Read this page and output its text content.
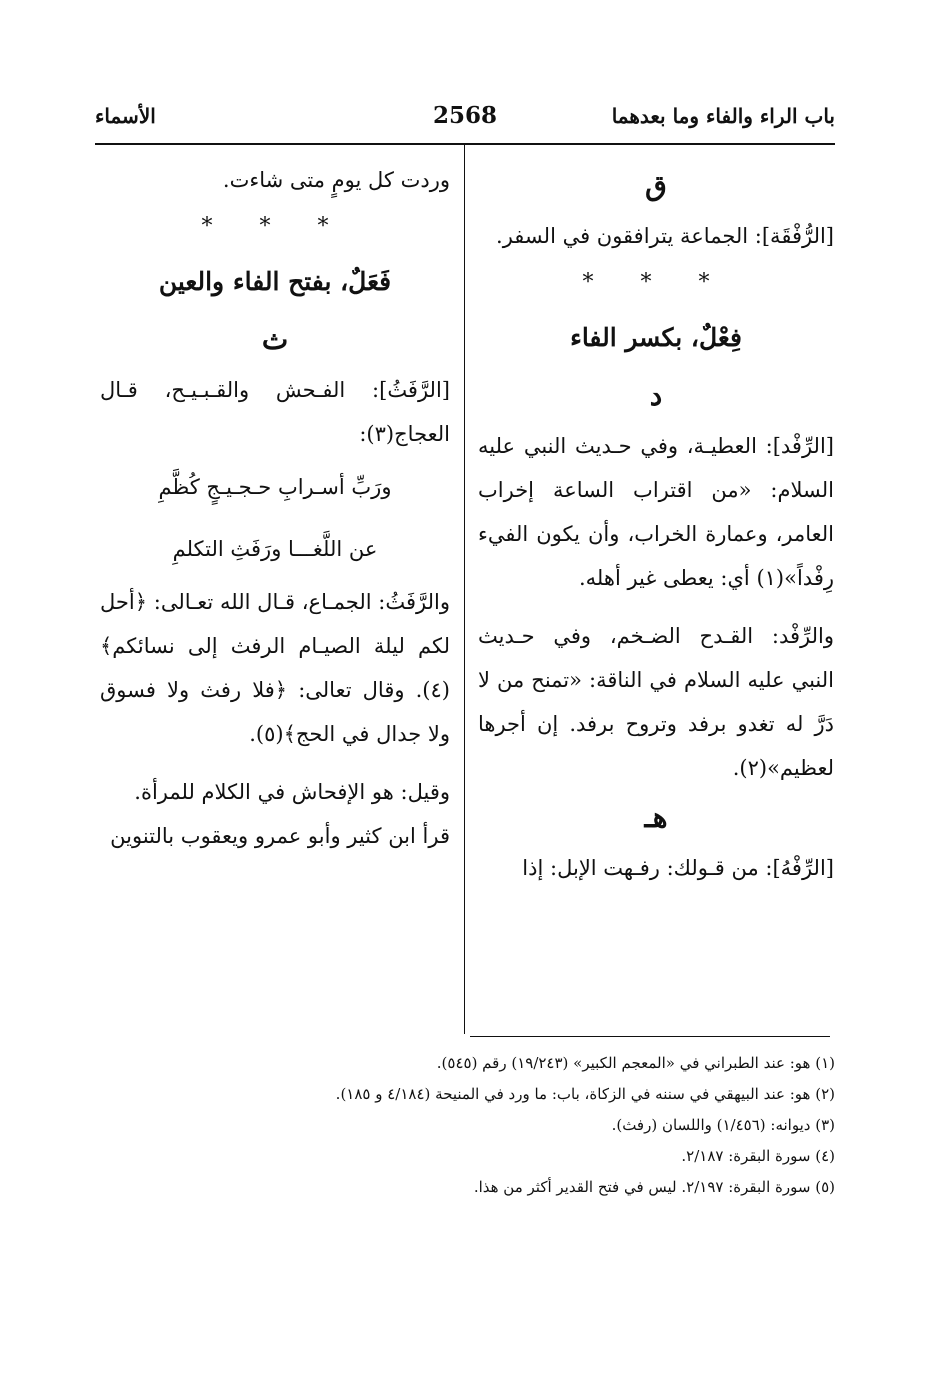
باب الراء والفاء وما بعدهما
2568
الأسماء

ق

[الرُّفْقَة]: الجماعة يترافقون في السفر.

* * *

فِعْلٌ، بكسر الفاء

د

[الرِّفْد]: العطيـة، وفي حـديث النبي عليه السلام: «من اقتراب الساعة إخراب العامر، وعمارة الخراب، وأن يكون الفيء رِفْداً»(١) أي: يعطى غير أهله.

والرِّفْد: القـدح الضـخم، وفي حـديث النبي عليه السلام في الناقة: «تمنح من لا دَرَّ له تغدو برفد وتروح برفد. إن أجرها لعظيم»(٢).

هـ

[الرِّفْهُ]: من قـولك: رفـهت الإبل: إذا

وردت كل يومٍ متى شاءت.

* * *

فَعَلٌ، بفتح الفاء والعين

ث

[الرَّفَثُ]: الفـحش والقـبـيـح، قـال العجاج(٣):

ورَبِّ أسـرابِ حـجـيـجٍ كُظَّمِ

عن اللَّغـــا ورَفَثِ التكلمِ

والرَّفَثُ: الجمـاع، قـال الله تعـالى: ﴿أحل لكم ليلة الصيـام الرفث إلى نسائكم﴾(٤). وقال تعالى: ﴿فلا رفث ولا فسوق ولا جدال في الحج﴾(٥).

وقيل: هو الإفحاش في الكلام للمرأة.

قرأ ابن كثير وأبو عمرو ويعقوب بالتنوين

(١) هو: عند الطبراني في «المعجم الكبير» (١٩/٢٤٣) رقم (٥٤٥).

(٢) هو: عند البيهقي في سننه في الزكاة، باب: ما ورد في المنيحة (٤/١٨٤ و ١٨٥).

(٣) ديوانه: (١/٤٥٦) واللسان (رفث).

(٤) سورة البقرة: ٢/١٨٧.

(٥) سورة البقرة: ٢/١٩٧. ليس في فتح القدير أكثر من هذا.
